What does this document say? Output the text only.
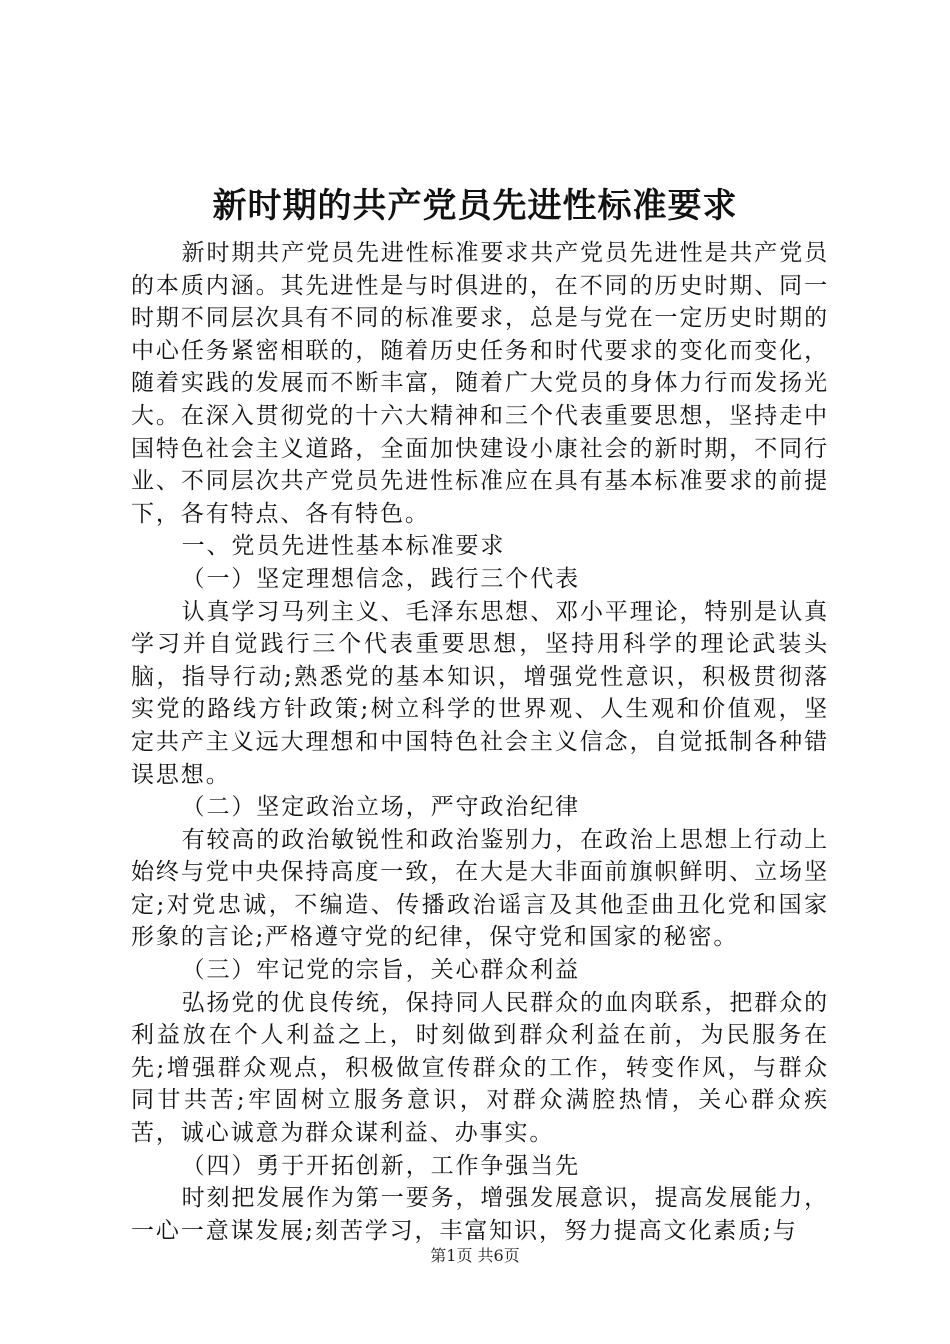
新时期的共产党员先进性标准要求

新时期共产党员先进性标准要求共产党员先进性是共产党员的本质内涵。其先进性是与时俱进的，在不同的历史时期、同一时期不同层次具有不同的标准要求，总是与党在一定历史时期的中心任务紧密相联的，随着历史任务和时代要求的变化而变化，随着实践的发展而不断丰富，随着广大党员的身体力行而发扬光大。在深入贯彻党的十六大精神和三个代表重要思想，坚持走中国特色社会主义道路，全面加快建设小康社会的新时期，不同行业、不同层次共产党员先进性标准应在具有基本标准要求的前提下，各有特点、各有特色。

一、党员先进性基本标准要求

（一）坚定理想信念，践行三个代表

认真学习马列主义、毛泽东思想、邓小平理论，特别是认真学习并自觉践行三个代表重要思想，坚持用科学的理论武装头脑，指导行动;熟悉党的基本知识，增强党性意识，积极贯彻落实党的路线方针政策;树立科学的世界观、人生观和价值观，坚定共产主义远大理想和中国特色社会主义信念，自觉抵制各种错误思想。

（二）坚定政治立场，严守政治纪律

有较高的政治敏锐性和政治鉴别力，在政治上思想上行动上始终与党中央保持高度一致，在大是大非面前旗帜鲜明、立场坚定;对党忠诚，不编造、传播政治谣言及其他歪曲丑化党和国家形象的言论;严格遵守党的纪律，保守党和国家的秘密。

（三）牢记党的宗旨，关心群众利益

弘扬党的优良传统，保持同人民群众的血肉联系，把群众的利益放在个人利益之上，时刻做到群众利益在前，为民服务在先;增强群众观点，积极做宣传群众的工作，转变作风，与群众同甘共苦;牢固树立服务意识，对群众满腔热情，关心群众疾苦，诚心诚意为群众谋利益、办事实。

（四）勇于开拓创新，工作争强当先

时刻把发展作为第一要务，增强发展意识，提高发展能力，一心一意谋发展;刻苦学习，丰富知识，努力提高文化素质;与

第1页 共6页
